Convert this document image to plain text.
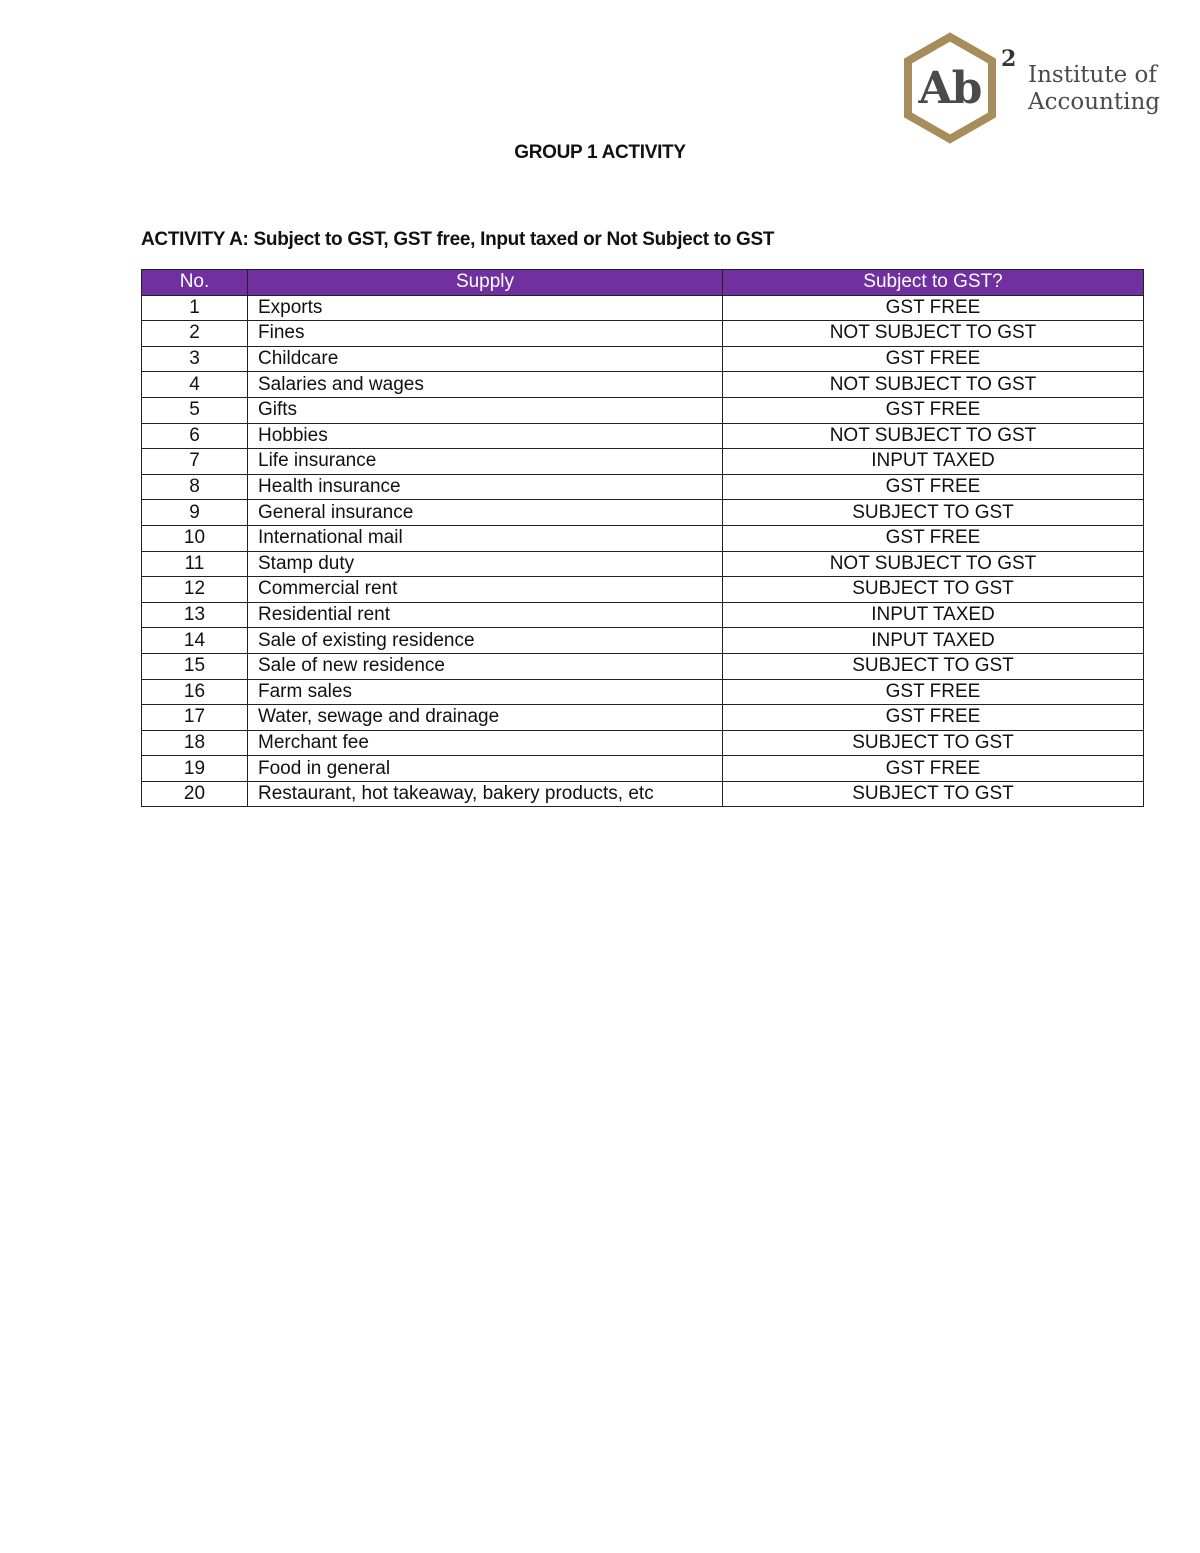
Ab
2
Institute of
Accounting
GROUP 1 ACTIVITY
ACTIVITY A: Subject to GST, GST free, Input taxed or Not Subject to GST
No.	Supply	Subject to GST?
1	Exports	GST FREE
2	Fines	NOT SUBJECT TO GST
3	Childcare	GST FREE
4	Salaries and wages	NOT SUBJECT TO GST
5	Gifts	GST FREE
6	Hobbies	NOT SUBJECT TO GST
7	Life insurance	INPUT TAXED
8	Health insurance	GST FREE
9	General insurance	SUBJECT TO GST
10	International mail	GST FREE
11	Stamp duty	NOT SUBJECT TO GST
12	Commercial rent	SUBJECT TO GST
13	Residential rent	INPUT TAXED
14	Sale of existing residence	INPUT TAXED
15	Sale of new residence	SUBJECT TO GST
16	Farm sales	GST FREE
17	Water, sewage and drainage	GST FREE
18	Merchant fee	SUBJECT TO GST
19	Food in general	GST FREE
20	Restaurant, hot takeaway, bakery products, etc	SUBJECT TO GST
